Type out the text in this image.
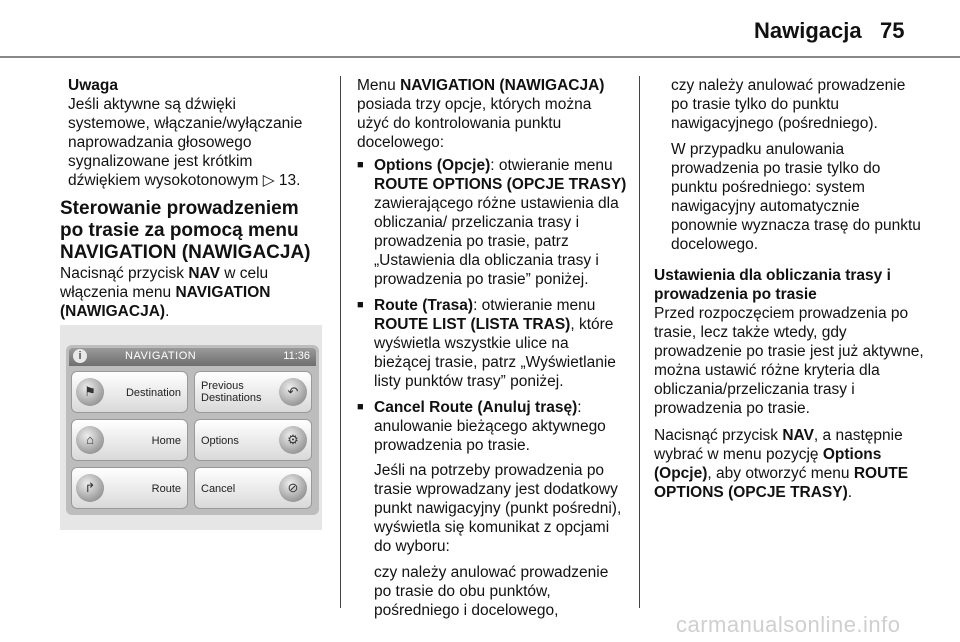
Nawigacja 75
Uwaga
Jeśli aktywne są dźwięki systemowe, włączanie/wyłączanie naprowadzania głosowego sygnalizowane jest krótkim dźwiękiem wysokotonowym ▷ 13.
Sterowanie prowadzeniem po trasie za pomocą menu NAVIGATION (NAWIGACJA)

Nacisnąć przycisk NAV w celu włączenia menu NAVIGATION (NAWIGACJA).

i	NAVIGATION	11:36
⚑	Destination
Previous
Destinations	↶
⌂	Home Options	⚙
↱	Route Cancel	⊘

Menu NAVIGATION (NAWIGACJA) posiada trzy opcje, których można użyć do kontrolowania punktu docelowego:

■ Options (Opcje): otwieranie menu ROUTE OPTIONS (OPCJE TRASY) zawierającego różne ustawienia dla obliczania/ przeliczania trasy i prowadzenia po trasie, patrz „Ustawienia dla obliczania trasy i prowadzenia po trasie” poniżej.
■ Route (Trasa): otwieranie menu ROUTE LIST (LISTA TRAS), które wyświetla wszystkie ulice na bieżącej trasie, patrz „Wyświetlanie listy punktów trasy” poniżej.
■ Cancel Route (Anuluj trasę): anulowanie bieżącego aktywnego prowadzenia po trasie.
Jeśli na potrzeby prowadzenia po trasie wprowadzany jest dodatkowy punkt nawigacyjny (punkt pośredni), wyświetla się komunikat z opcjami do wyboru:
czy należy anulować prowadzenie po trasie do obu punktów, pośredniego i docelowego,
czy należy anulować prowadzenie po trasie tylko do punktu nawigacyjnego (pośredniego).
W przypadku anulowania prowadzenia po trasie tylko do punktu pośredniego: system nawigacyjny automatycznie ponownie wyznacza trasę do punktu docelowego.
Ustawienia dla obliczania trasy i prowadzenia po trasie

Przed rozpoczęciem prowadzenia po trasie, lecz także wtedy, gdy prowadzenie po trasie jest już aktywne, można ustawić różne kryteria dla obliczania/przeliczania trasy i prowadzenia po trasie.

Nacisnąć przycisk NAV, a następnie wybrać w menu pozycję Options (Opcje), aby otworzyć menu ROUTE OPTIONS (OPCJE TRASY).

carmanualsonline.info
